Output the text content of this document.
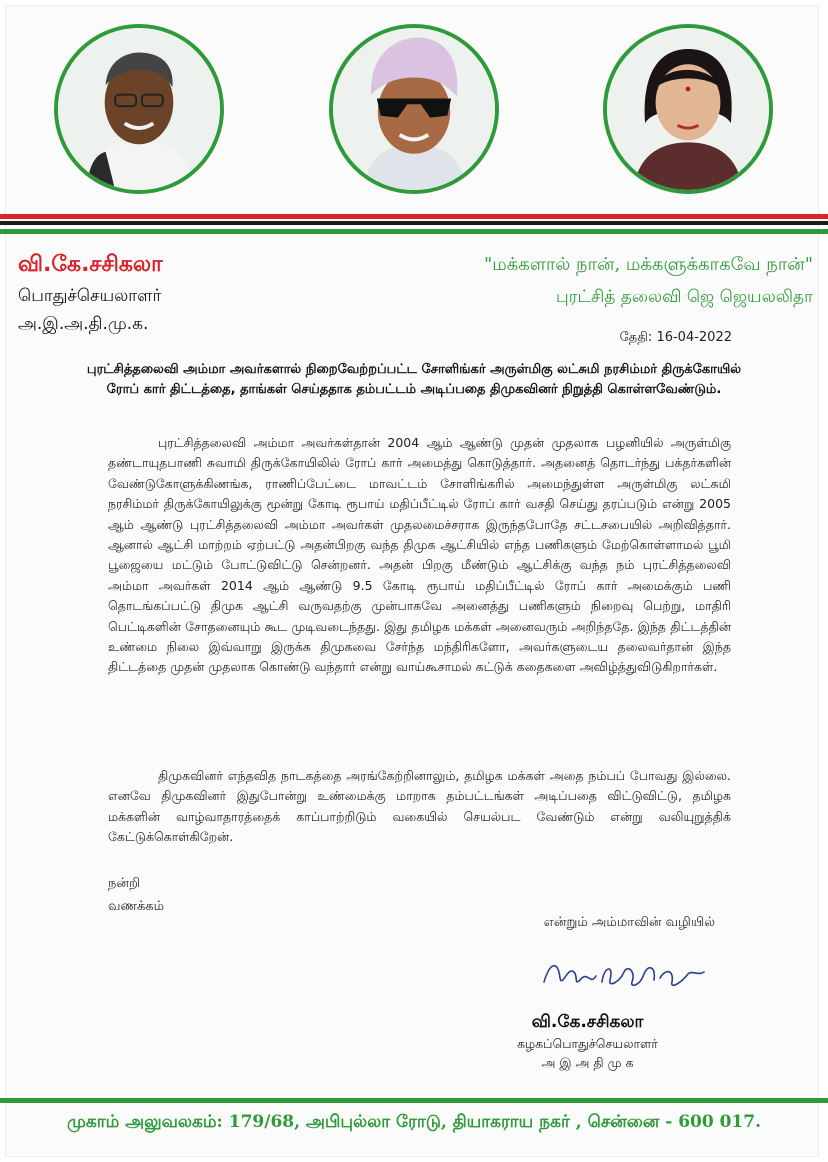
வி.கே.சசிகலா
பொதுச்செயலாளர்
அ.இ.அ.தி.மு.க.
"மக்களால் நான், மக்களுக்காகவே நான்"
புரட்சித் தலைவி ஜெ ஜெயலலிதா
தேதி: 16-04-2022
புரட்சித்தலைவி அம்மா அவர்களால் நிறைவேற்றப்பட்ட சோளிங்கர் அருள்மிகு லட்சுமி நரசிம்மர் திருக்கோயில் ரோப் கார் திட்டத்தை, தாங்கள் செய்ததாக தம்பட்டம் அடிப்பதை திமுகவினர் நிறுத்தி கொள்ளவேண்டும்.
புரட்சித்தலைவி அம்மா அவர்கள்தான் 2004 ஆம் ஆண்டு முதன் முதலாக பழனியில் அருள்மிகு தண்டாயுதபாணி சுவாமி திருக்கோயிலில் ரோப் கார் அமைத்து கொடுத்தார். அதனைத் தொடர்ந்து பக்தர்களின் வேண்டுகோளுக்கிணங்க, ராணிப்பேட்டை மாவட்டம் சோளிங்கரில் அமைந்துள்ள அருள்மிகு லட்சுமி நரசிம்மர் திருக்கோயிலுக்கு மூன்று கோடி ரூபாய் மதிப்பீட்டில் ரோப் கார் வசதி செய்து தரப்படும் என்று 2005 ஆம் ஆண்டு புரட்சித்தலைவி அம்மா அவர்கள் முதலமைச்சராக இருந்தபோதே சட்டசபையில் அறிவித்தார். ஆனால் ஆட்சி மாற்றம் ஏற்பட்டு அதன்பிறகு வந்த திமுக ஆட்சியில் எந்த பணிகளும் மேற்கொள்ளாமல் பூமி பூஜையை மட்டும் போட்டுவிட்டு சென்றனர். அதன் பிறகு மீண்டும் ஆட்சிக்கு வந்த நம் புரட்சித்தலைவி அம்மா அவர்கள் 2014 ஆம் ஆண்டு 9.5 கோடி ரூபாய் மதிப்பீட்டில் ரோப் கார் அமைக்கும் பணி தொடங்கப்பட்டு திமுக ஆட்சி வருவதற்கு முன்பாகவே அனைத்து பணிகளும் நிறைவு பெற்று, மாதிரி பெட்டிகளின் சோதனையும் கூட முடிவடைந்தது. இது தமிழக மக்கள் அனைவரும் அறிந்ததே. இந்த திட்டத்தின் உண்மை நிலை இவ்வாறு இருக்க திமுகவை சேர்ந்த மந்திரிகளோ, அவர்களுடைய தலைவர்தான் இந்த திட்டத்தை முதன் முதலாக கொண்டு வந்தார் என்று வாய்கூசாமல் கட்டுக் கதைகளை அவிழ்த்துவிடுகிறார்கள்.
திமுகவினர் எந்தவித நாடகத்தை அரங்கேற்றினாலும், தமிழக மக்கள் அதை நம்பப் போவது இல்லை. எனவே திமுகவினர் இதுபோன்று உண்மைக்கு மாறாக தம்பட்டங்கள் அடிப்பதை விட்டுவிட்டு, தமிழக மக்களின் வாழ்வாதாரத்தைக் காப்பாற்றிடும் வகையில் செயல்பட வேண்டும் என்று வலியுறுத்திக் கேட்டுக்கொள்கிறேன்.
நன்றி
வணக்கம்
என்றும் அம்மாவின் வழியில்
வி.கே.சசிகலா
கழகப்பொதுச்செயலாளர்
அ இ அ தி மு க
முகாம் அலுவலகம்: 179/68, அபிபுல்லா ரோடு, தியாகராய நகர் , சென்னை - 600 017.
